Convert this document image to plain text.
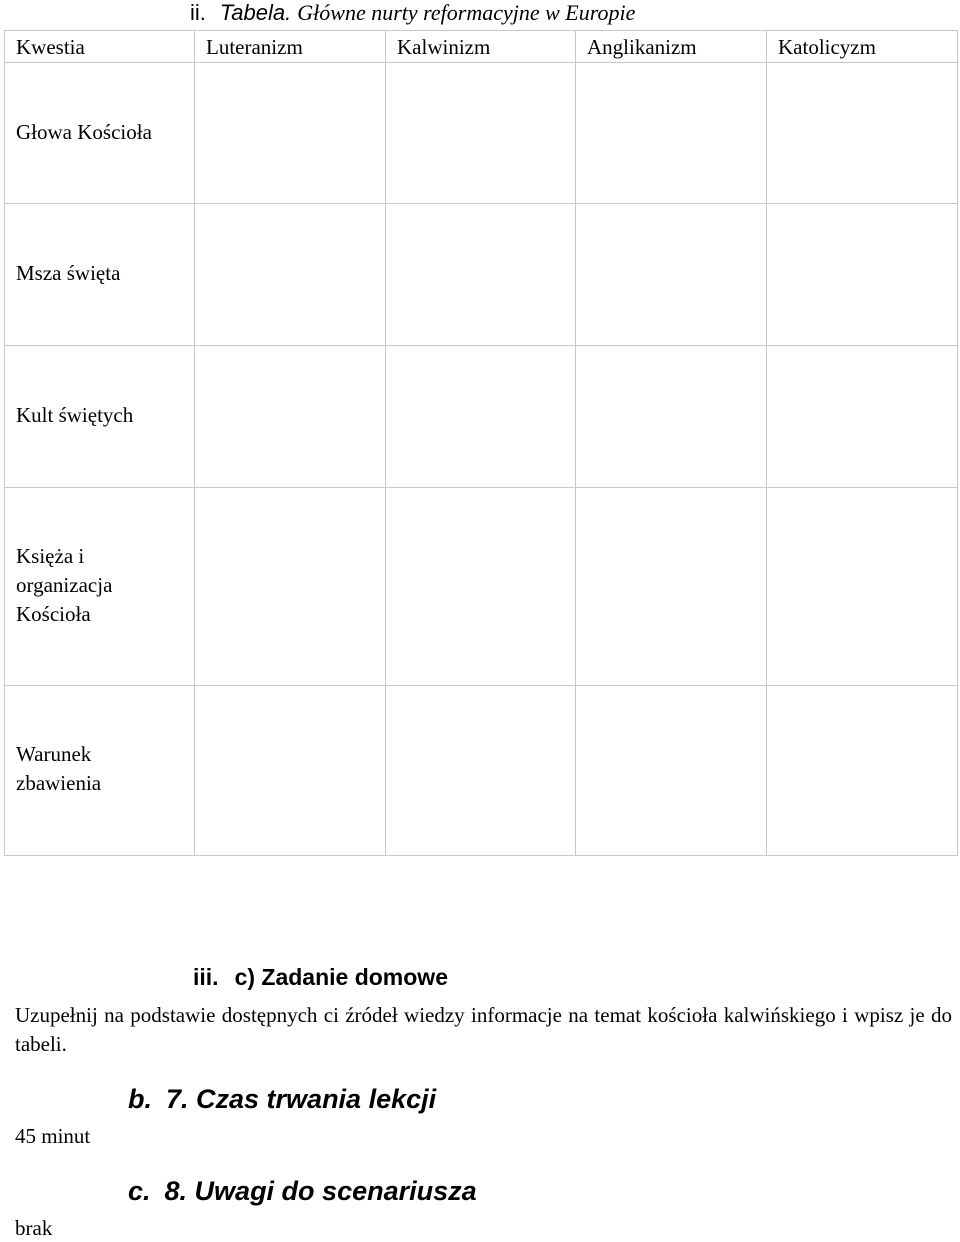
ii. Tabela. Główne nurty reformacyjne w Europie
Kwestia	Luteranizm	Kalwinizm	Anglikanizm	Katolicyzm

Głowa Kościoła				

Msza święta				

Kult świętych				

Księża i organizacja Kościoła				

Warunek zbawienia				

iii. c) Zadanie domowe
Uzupełnij na podstawie dostępnych ci źródeł wiedzy informacje na temat kościoła kalwińskiego i wpisz je do tabeli.
b. 7. Czas trwania lekcji
45 minut
c. 8. Uwagi do scenariusza
brak
